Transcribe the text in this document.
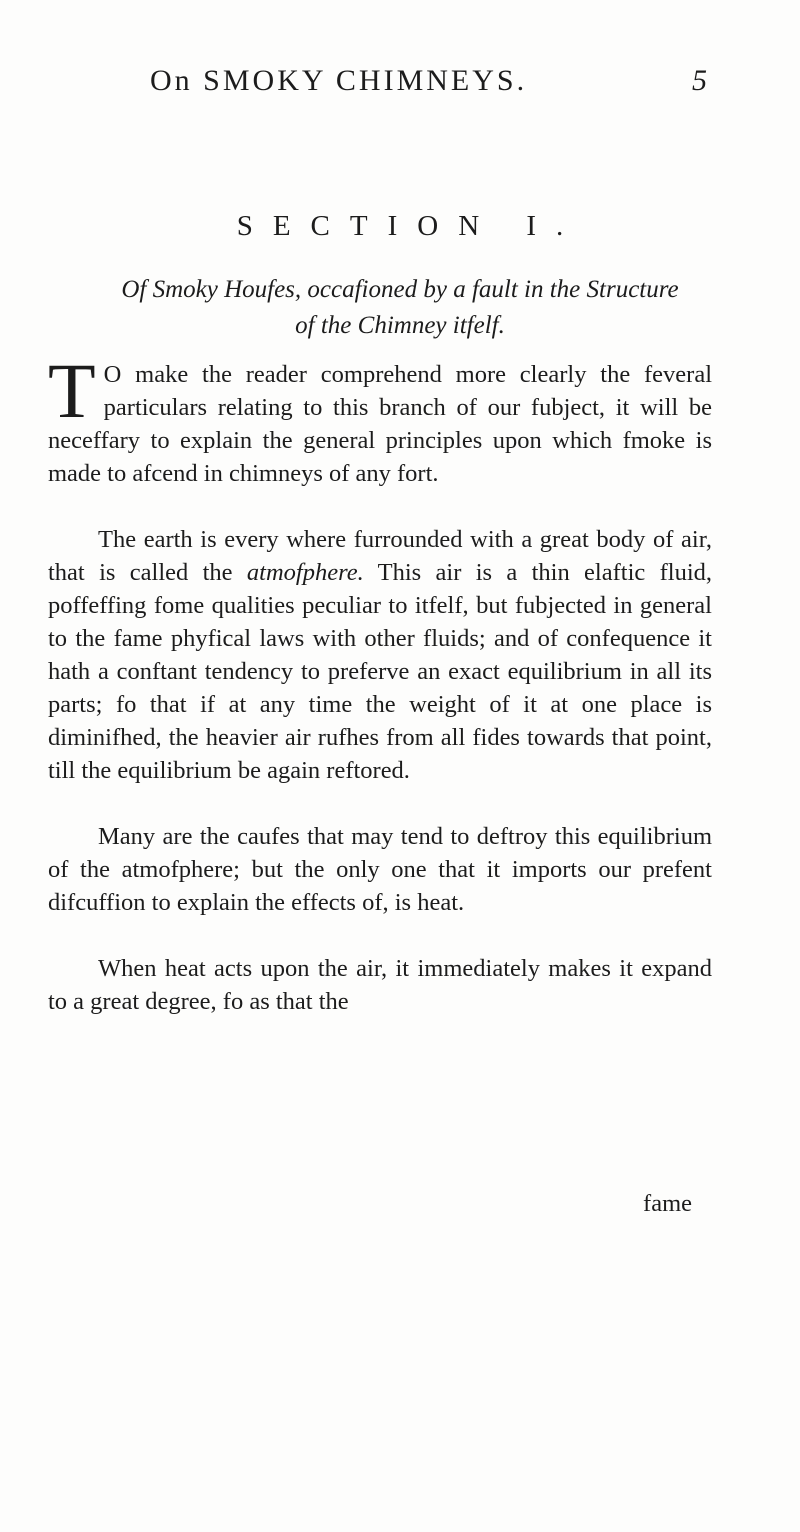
On SMOKY CHIMNEYS.	5
SECTION I.
Of Smoky Houfes, occafioned by a fault in the Structure
of the Chimney itfelf.

T O make the reader comprehend more clearly the feveral particulars relating to this branch of our fubject, it will be neceffary to explain the general principles upon which fmoke is made to afcend in chimneys of any fort.

The earth is every where furrounded with a great body of air, that is called the atmofphere. This air is a thin elaftic fluid, poffeffing fome qualities peculiar to itfelf, but fubjected in general to the fame phyfical laws with other fluids; and of confequence it hath a conftant tendency to preferve an exact equilibrium in all its parts; fo that if at any time the weight of it at one place is diminifhed, the heavier air rufhes from all fides towards that point, till the equilibrium be again reftored.

Many are the caufes that may tend to deftroy this equilibrium of the atmofphere; but the only one that it imports our prefent difcuffion to explain the effects of, is heat.

When heat acts upon the air, it immediately makes it expand to a great degree, fo as that the

fame
